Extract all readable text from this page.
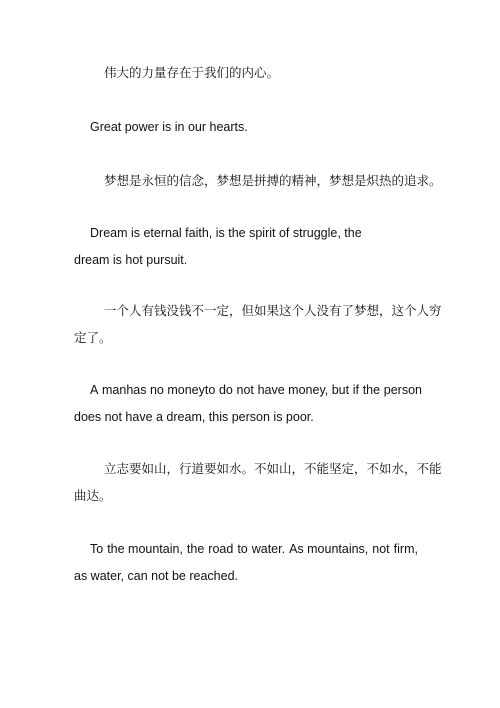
伟大的力量存在于我们的内心。
Great power is in our hearts.
梦想是永恒的信念，梦想是拼搏的精神，梦想是炽热的追求。
Dream is eternal faith, is the spirit of struggle, the
dream is hot pursuit.
一个人有钱没钱不一定，但如果这个人没有了梦想，这个人穷
定了。
A manhas no moneyto do not have money, but if the person
does not have a dream, this person is poor.
立志要如山，行道要如水。不如山，不能坚定，不如水，不能
曲达。
To the mountain, the road to water. As mountains, not firm,
as water, can not be reached.
